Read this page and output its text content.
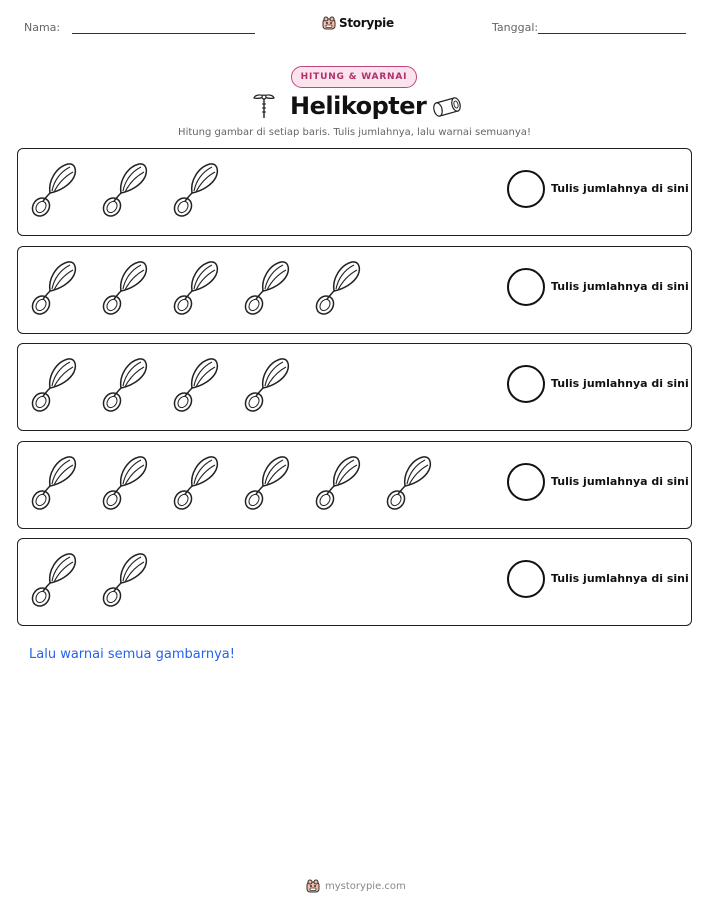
Nama:	Storypie	Tanggal:
HITUNG & WARNAI
Helikopter
Hitung gambar di setiap baris. Tulis jumlahnya, lalu warnai semuanya!
Tulis jumlahnya di sini
Tulis jumlahnya di sini
Tulis jumlahnya di sini
Tulis jumlahnya di sini
Tulis jumlahnya di sini
Lalu warnai semua gambarnya!
mystorypie.com
